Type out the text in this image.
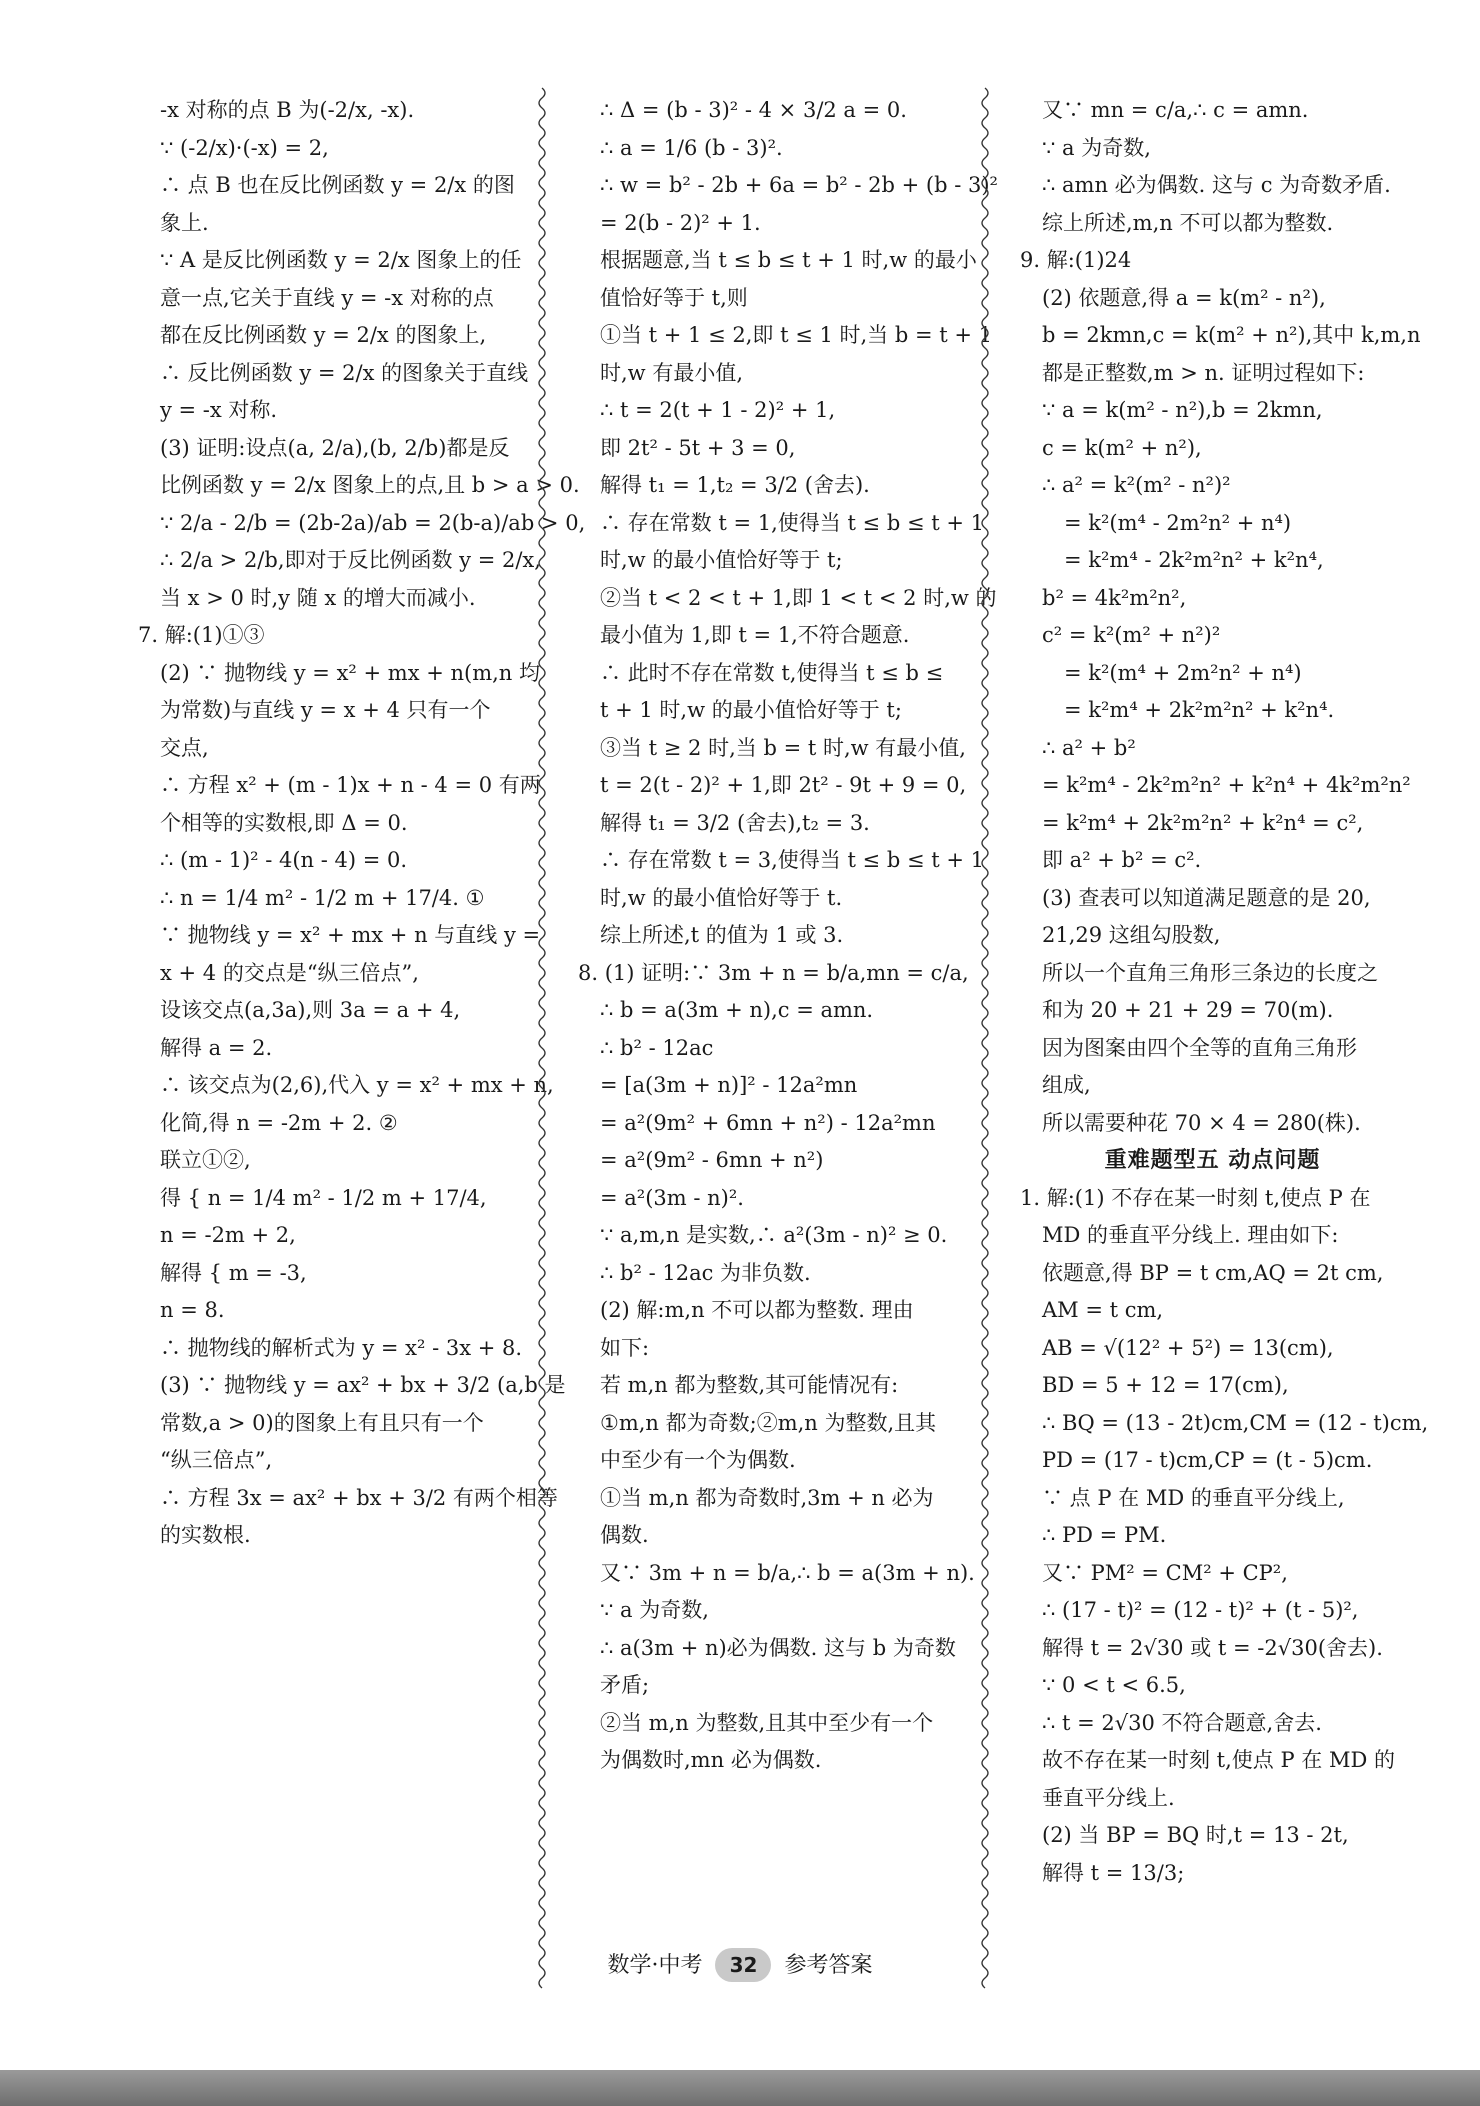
-x 对称的点 B 为(-2/x, -x).
∵ (-2/x)·(-x) = 2,
∴ 点 B 也在反比例函数 y = 2/x 的图
象上.
∵ A 是反比例函数 y = 2/x 图象上的任
意一点,它关于直线 y = -x 对称的点
都在反比例函数 y = 2/x 的图象上,
∴ 反比例函数 y = 2/x 的图象关于直线
y = -x 对称.
(3) 证明:设点(a, 2/a),(b, 2/b)都是反
比例函数 y = 2/x 图象上的点,且 b > a > 0.
∵ 2/a - 2/b = (2b-2a)/ab = 2(b-a)/ab > 0,
∴ 2/a > 2/b,即对于反比例函数 y = 2/x,
当 x > 0 时,y 随 x 的增大而减小.
7. 解:(1)①③
(2) ∵ 抛物线 y = x² + mx + n(m,n 均
为常数)与直线 y = x + 4 只有一个
交点,
∴ 方程 x² + (m - 1)x + n - 4 = 0 有两
个相等的实数根,即 Δ = 0.
∴ (m - 1)² - 4(n - 4) = 0.
∴ n = 1/4 m² - 1/2 m + 17/4. ①
∵ 抛物线 y = x² + mx + n 与直线 y =
x + 4 的交点是“纵三倍点”,
设该交点(a,3a),则 3a = a + 4,
解得 a = 2.
∴ 该交点为(2,6),代入 y = x² + mx + n,
化简,得 n = -2m + 2. ②
联立①②,
得 { n = 1/4 m² - 1/2 m + 17/4,
n = -2m + 2,
解得 { m = -3,
n = 8.
∴ 抛物线的解析式为 y = x² - 3x + 8.
(3) ∵ 抛物线 y = ax² + bx + 3/2 (a,b 是
常数,a > 0)的图象上有且只有一个
“纵三倍点”,
∴ 方程 3x = ax² + bx + 3/2 有两个相等
的实数根.
∴ Δ = (b - 3)² - 4 × 3/2 a = 0.
∴ a = 1/6 (b - 3)².
∴ w = b² - 2b + 6a = b² - 2b + (b - 3)²
= 2(b - 2)² + 1.
根据题意,当 t ≤ b ≤ t + 1 时,w 的最小
值恰好等于 t,则
①当 t + 1 ≤ 2,即 t ≤ 1 时,当 b = t + 1
时,w 有最小值,
∴ t = 2(t + 1 - 2)² + 1,
即 2t² - 5t + 3 = 0,
解得 t₁ = 1,t₂ = 3/2 (舍去).
∴ 存在常数 t = 1,使得当 t ≤ b ≤ t + 1
时,w 的最小值恰好等于 t;
②当 t < 2 < t + 1,即 1 < t < 2 时,w 的
最小值为 1,即 t = 1,不符合题意.
∴ 此时不存在常数 t,使得当 t ≤ b ≤
t + 1 时,w 的最小值恰好等于 t;
③当 t ≥ 2 时,当 b = t 时,w 有最小值,
t = 2(t - 2)² + 1,即 2t² - 9t + 9 = 0,
解得 t₁ = 3/2 (舍去),t₂ = 3.
∴ 存在常数 t = 3,使得当 t ≤ b ≤ t + 1
时,w 的最小值恰好等于 t.
综上所述,t 的值为 1 或 3.
8. (1) 证明:∵ 3m + n = b/a,mn = c/a,
∴ b = a(3m + n),c = amn.
∴ b² - 12ac
= [a(3m + n)]² - 12a²mn
= a²(9m² + 6mn + n²) - 12a²mn
= a²(9m² - 6mn + n²)
= a²(3m - n)².
∵ a,m,n 是实数,∴ a²(3m - n)² ≥ 0.
∴ b² - 12ac 为非负数.
(2) 解:m,n 不可以都为整数. 理由
如下:
若 m,n 都为整数,其可能情况有:
①m,n 都为奇数;②m,n 为整数,且其
中至少有一个为偶数.
①当 m,n 都为奇数时,3m + n 必为
偶数.
又∵ 3m + n = b/a,∴ b = a(3m + n).
∵ a 为奇数,
∴ a(3m + n)必为偶数. 这与 b 为奇数
矛盾;
②当 m,n 为整数,且其中至少有一个
为偶数时,mn 必为偶数.
又∵ mn = c/a,∴ c = amn.
∵ a 为奇数,
∴ amn 必为偶数. 这与 c 为奇数矛盾.
综上所述,m,n 不可以都为整数.
9. 解:(1)24
(2) 依题意,得 a = k(m² - n²),
b = 2kmn,c = k(m² + n²),其中 k,m,n
都是正整数,m > n. 证明过程如下:
∵ a = k(m² - n²),b = 2kmn,
c = k(m² + n²),
∴ a² = k²(m² - n²)²
= k²(m⁴ - 2m²n² + n⁴)
= k²m⁴ - 2k²m²n² + k²n⁴,
b² = 4k²m²n²,
c² = k²(m² + n²)²
= k²(m⁴ + 2m²n² + n⁴)
= k²m⁴ + 2k²m²n² + k²n⁴.
∴ a² + b²
= k²m⁴ - 2k²m²n² + k²n⁴ + 4k²m²n²
= k²m⁴ + 2k²m²n² + k²n⁴ = c²,
即 a² + b² = c².
(3) 查表可以知道满足题意的是 20,
21,29 这组勾股数,
所以一个直角三角形三条边的长度之
和为 20 + 21 + 29 = 70(m).
因为图案由四个全等的直角三角形
组成,
所以需要种花 70 × 4 = 280(株).
重难题型五 动点问题
1. 解:(1) 不存在某一时刻 t,使点 P 在
MD 的垂直平分线上. 理由如下:
依题意,得 BP = t cm,AQ = 2t cm,
AM = t cm,
AB = √(12² + 5²) = 13(cm),
BD = 5 + 12 = 17(cm),
∴ BQ = (13 - 2t)cm,CM = (12 - t)cm,
PD = (17 - t)cm,CP = (t - 5)cm.
∵ 点 P 在 MD 的垂直平分线上,
∴ PD = PM.
又∵ PM² = CM² + CP²,
∴ (17 - t)² = (12 - t)² + (t - 5)²,
解得 t = 2√30 或 t = -2√30(舍去).
∵ 0 < t < 6.5,
∴ t = 2√30 不符合题意,舍去.
故不存在某一时刻 t,使点 P 在 MD 的
垂直平分线上.
(2) 当 BP = BQ 时,t = 13 - 2t,
解得 t = 13/3;
数学·中考 32 参考答案
